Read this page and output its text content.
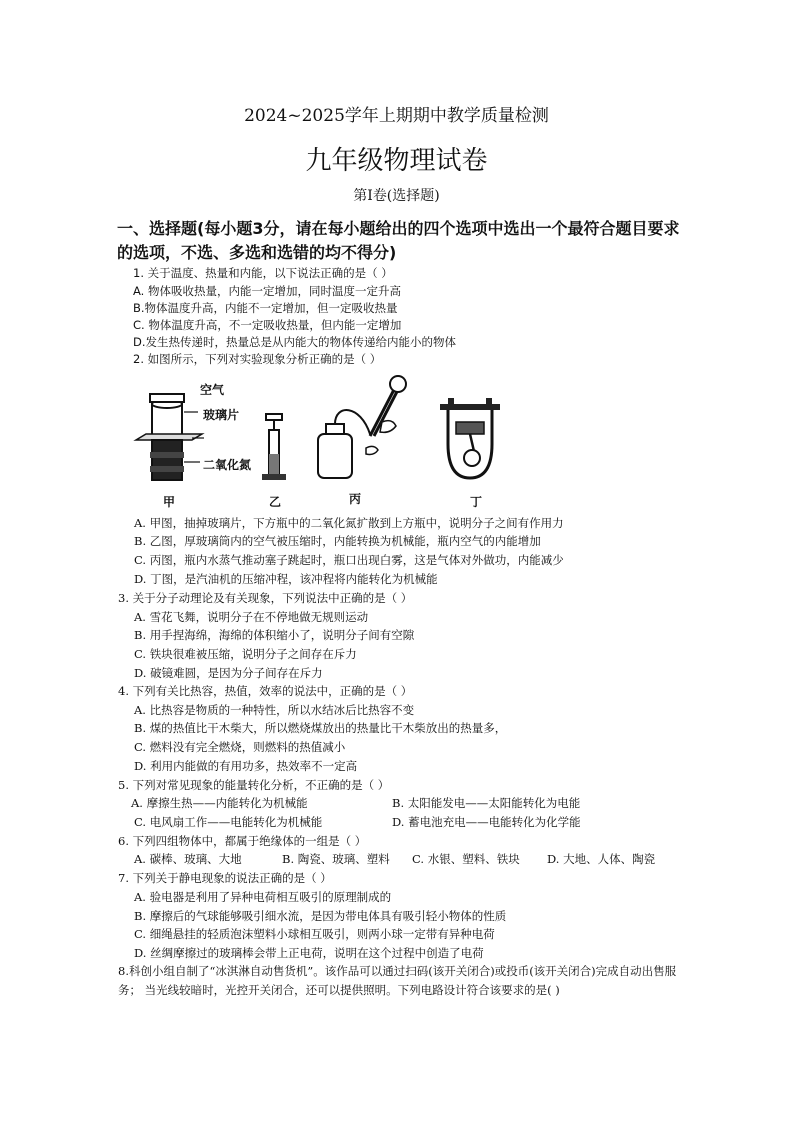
2024~2025学年上期期中教学质量检测
九年级物理试卷
第Ⅰ卷(选择题)
一、选择题(每小题3分，请在每小题给出的四个选项中选出一个最符合题目要求的选项，不选、多选和选错的均不得分)
1. 关于温度、热量和内能，以下说法正确的是（ ）
A. 物体吸收热量，内能一定增加，同时温度一定升高
B.物体温度升高，内能不一定增加，但一定吸收热量
C. 物体温度升高，不一定吸收热量，但内能一定增加
D.发生热传递时，热量总是从内能大的物体传递给内能小的物体
2. 如图所示，下列对实验现象分析正确的是（ ）
空气
玻璃片
二氧化氮
甲	乙	丙	丁
A. 甲图，抽掉玻璃片，下方瓶中的二氧化氮扩散到上方瓶中，说明分子之间有作用力
B. 乙图，厚玻璃筒内的空气被压缩时，内能转换为机械能，瓶内空气的内能增加
C. 丙图，瓶内水蒸气推动塞子跳起时，瓶口出现白雾，这是气体对外做功，内能减少
D. 丁图，是汽油机的压缩冲程，该冲程将内能转化为机械能
3. 关于分子动理论及有关现象，下列说法中正确的是（ ）
A. 雪花飞舞，说明分子在不停地做无规则运动
B. 用手捏海绵，海绵的体积缩小了，说明分子间有空隙
C. 铁块很难被压缩，说明分子之间存在斥力
D. 破镜难圆，是因为分子间存在斥力
4. 下列有关比热容，热值，效率的说法中，正确的是（ ）
A. 比热容是物质的一种特性，所以水结冰后比热容不变
B. 煤的热值比干木柴大，所以燃烧煤放出的热量比干木柴放出的热量多，
C. 燃料没有完全燃烧，则燃料的热值减小
D. 利用内能做的有用功多，热效率不一定高
5. 下列对常见现象的能量转化分析，不正确的是（ ）
A. 摩擦生热——内能转化为机械能	B. 太阳能发电——太阳能转化为电能
C. 电风扇工作——电能转化为机械能	D. 蓄电池充电——电能转化为化学能
6. 下列四组物体中，都属于绝缘体的一组是（ ）
A. 碳棒、玻璃、大地	B. 陶瓷、玻璃、塑料 C. 水银、塑料、铁块 D. 大地、人体、陶瓷
7. 下列关于静电现象的说法正确的是（ ）
A. 验电器是利用了异种电荷相互吸引的原理制成的
B. 摩擦后的气球能够吸引细水流，是因为带电体具有吸引轻小物体的性质
C. 细绳悬挂的轻质泡沫塑料小球相互吸引，则两小球一定带有异种电荷
D. 丝绸摩擦过的玻璃棒会带上正电荷，说明在这个过程中创造了电荷
8.科创小组自制了“冰淇淋自动售货机”。该作品可以通过扫码(该开关闭合)或投币(该开关闭合)完成自动出售服务； 当光线较暗时，光控开关闭合，还可以提供照明。下列电路设计符合该要求的是( )
